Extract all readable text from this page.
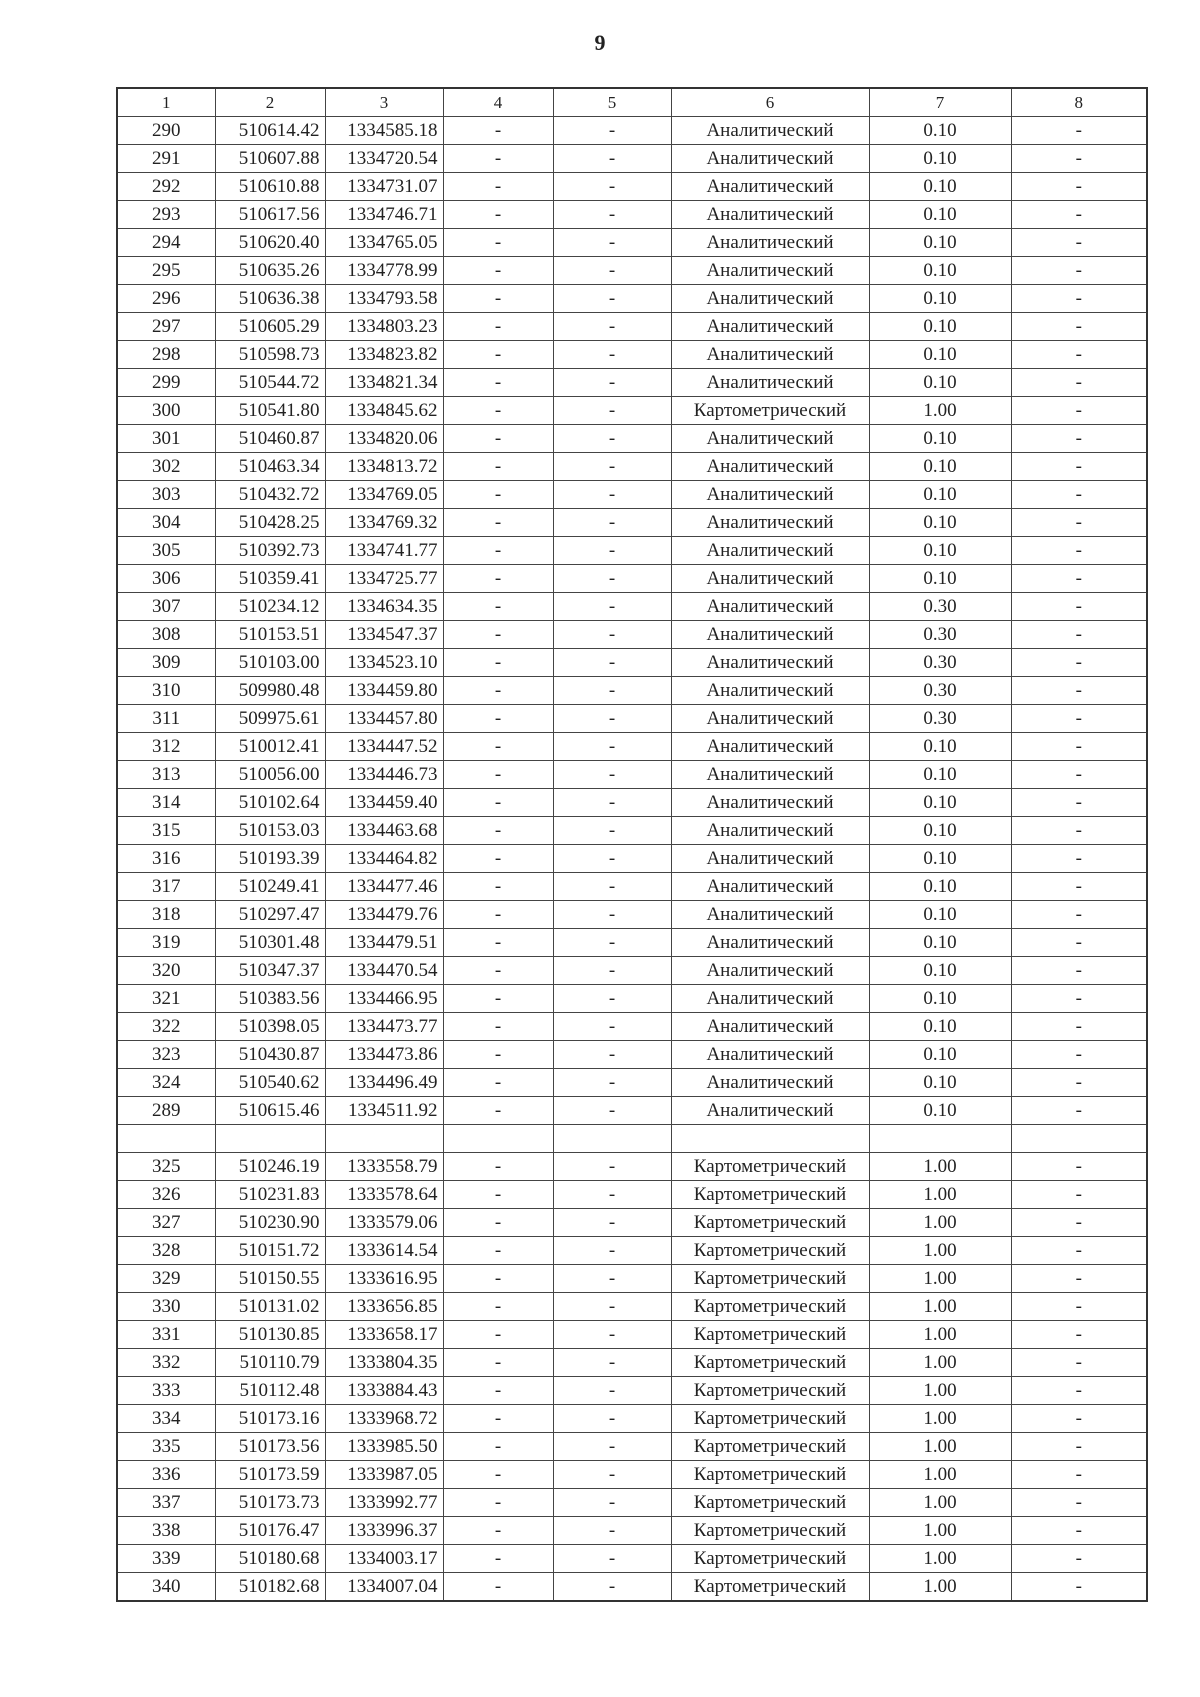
9
1	2	3	4	5	6	7	8
290	510614.42	1334585.18	-	-	Аналитический	0.10	-
291	510607.88	1334720.54	-	-	Аналитический	0.10	-
292	510610.88	1334731.07	-	-	Аналитический	0.10	-
293	510617.56	1334746.71	-	-	Аналитический	0.10	-
294	510620.40	1334765.05	-	-	Аналитический	0.10	-
295	510635.26	1334778.99	-	-	Аналитический	0.10	-
296	510636.38	1334793.58	-	-	Аналитический	0.10	-
297	510605.29	1334803.23	-	-	Аналитический	0.10	-
298	510598.73	1334823.82	-	-	Аналитический	0.10	-
299	510544.72	1334821.34	-	-	Аналитический	0.10	-
300	510541.80	1334845.62	-	-	Картометрический	1.00	-
301	510460.87	1334820.06	-	-	Аналитический	0.10	-
302	510463.34	1334813.72	-	-	Аналитический	0.10	-
303	510432.72	1334769.05	-	-	Аналитический	0.10	-
304	510428.25	1334769.32	-	-	Аналитический	0.10	-
305	510392.73	1334741.77	-	-	Аналитический	0.10	-
306	510359.41	1334725.77	-	-	Аналитический	0.10	-
307	510234.12	1334634.35	-	-	Аналитический	0.30	-
308	510153.51	1334547.37	-	-	Аналитический	0.30	-
309	510103.00	1334523.10	-	-	Аналитический	0.30	-
310	509980.48	1334459.80	-	-	Аналитический	0.30	-
311	509975.61	1334457.80	-	-	Аналитический	0.30	-
312	510012.41	1334447.52	-	-	Аналитический	0.10	-
313	510056.00	1334446.73	-	-	Аналитический	0.10	-
314	510102.64	1334459.40	-	-	Аналитический	0.10	-
315	510153.03	1334463.68	-	-	Аналитический	0.10	-
316	510193.39	1334464.82	-	-	Аналитический	0.10	-
317	510249.41	1334477.46	-	-	Аналитический	0.10	-
318	510297.47	1334479.76	-	-	Аналитический	0.10	-
319	510301.48	1334479.51	-	-	Аналитический	0.10	-
320	510347.37	1334470.54	-	-	Аналитический	0.10	-
321	510383.56	1334466.95	-	-	Аналитический	0.10	-
322	510398.05	1334473.77	-	-	Аналитический	0.10	-
323	510430.87	1334473.86	-	-	Аналитический	0.10	-
324	510540.62	1334496.49	-	-	Аналитический	0.10	-
289	510615.46	1334511.92	-	-	Аналитический	0.10	-

325	510246.19	1333558.79	-	-	Картометрический	1.00	-
326	510231.83	1333578.64	-	-	Картометрический	1.00	-
327	510230.90	1333579.06	-	-	Картометрический	1.00	-
328	510151.72	1333614.54	-	-	Картометрический	1.00	-
329	510150.55	1333616.95	-	-	Картометрический	1.00	-
330	510131.02	1333656.85	-	-	Картометрический	1.00	-
331	510130.85	1333658.17	-	-	Картометрический	1.00	-
332	510110.79	1333804.35	-	-	Картометрический	1.00	-
333	510112.48	1333884.43	-	-	Картометрический	1.00	-
334	510173.16	1333968.72	-	-	Картометрический	1.00	-
335	510173.56	1333985.50	-	-	Картометрический	1.00	-
336	510173.59	1333987.05	-	-	Картометрический	1.00	-
337	510173.73	1333992.77	-	-	Картометрический	1.00	-
338	510176.47	1333996.37	-	-	Картометрический	1.00	-
339	510180.68	1334003.17	-	-	Картометрический	1.00	-
340	510182.68	1334007.04	-	-	Картометрический	1.00	-
